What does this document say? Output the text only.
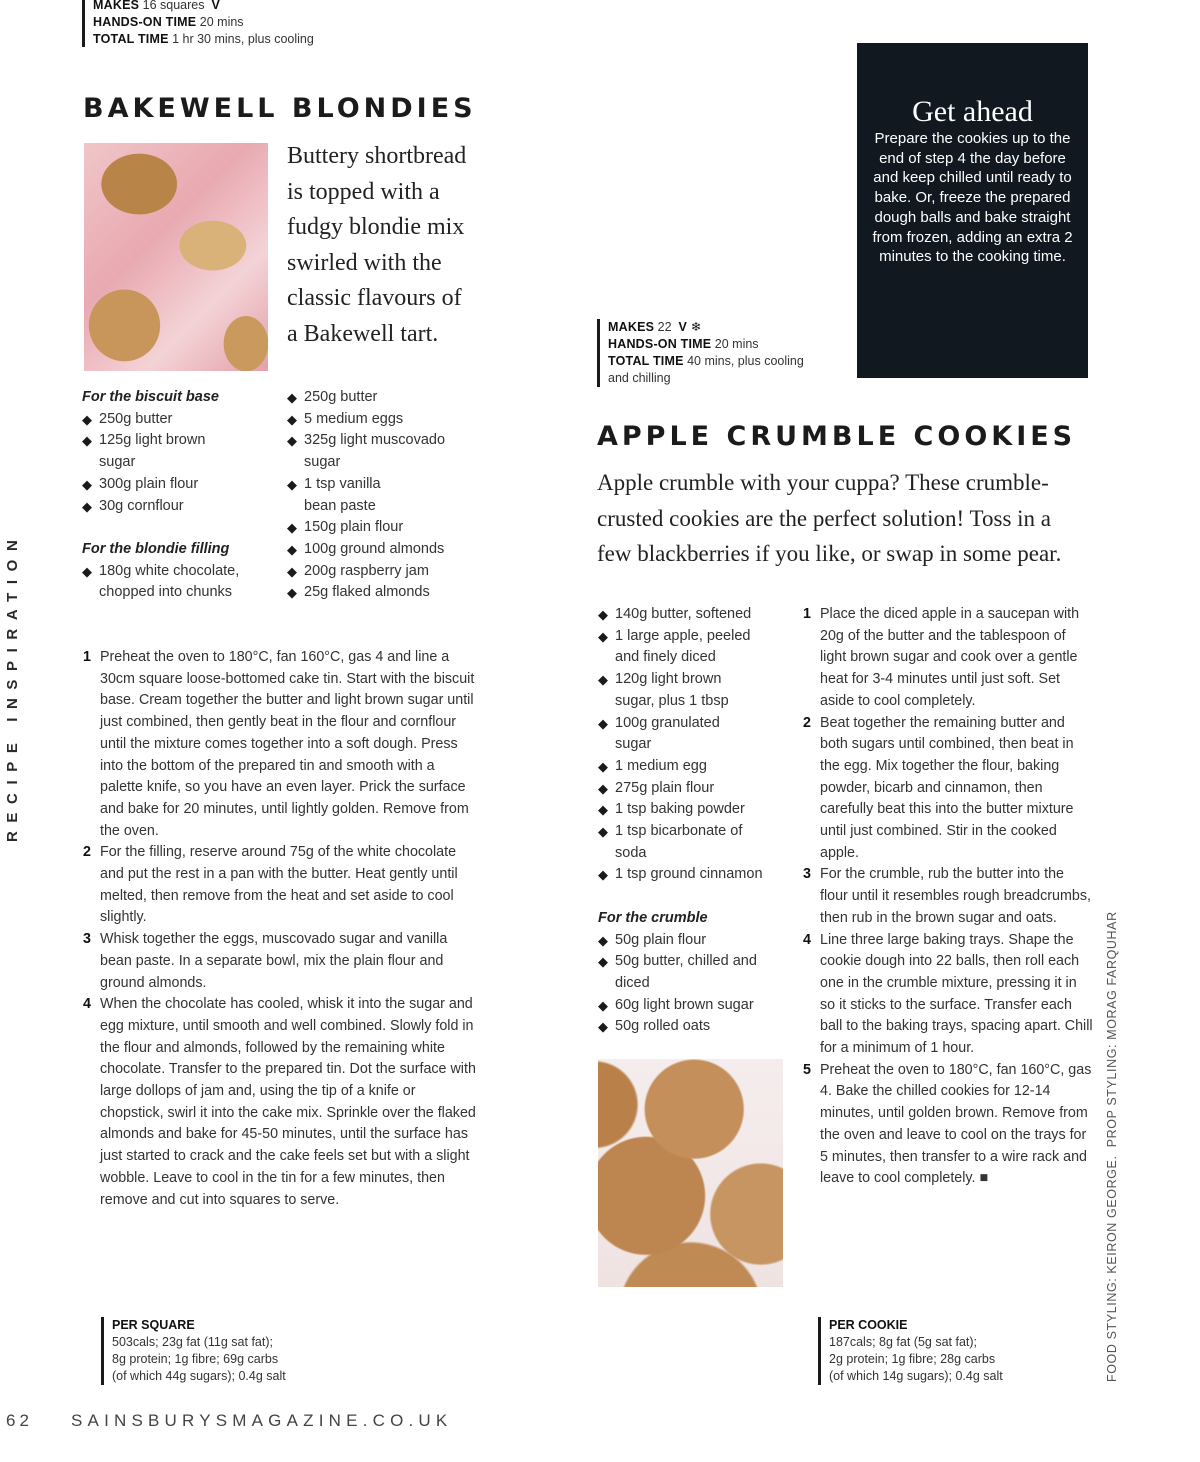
MAKES 16 squares V
HANDS-ON TIME 20 mins
TOTAL TIME 1 hr 30 mins, plus cooling
BAKEWELL BLONDIES
Buttery shortbread
is topped with a
fudgy blondie mix
swirled with the
classic flavours of
a Bakewell tart.
For the biscuit base
◆ 250g butter
◆ 125g light brown sugar
◆ 300g plain flour
◆ 30g cornflour
For the blondie filling
◆ 180g white chocolate, chopped into chunks
◆ 250g butter
◆ 5 medium eggs
◆ 325g light muscovado sugar
◆ 1 tsp vanilla bean paste
◆ 150g plain flour
◆ 100g ground almonds
◆ 200g raspberry jam
◆ 25g flaked almonds
1 Preheat the oven to 180°C, fan 160°C, gas 4 and line a 30cm square loose-bottomed cake tin. Start with the biscuit base. Cream together the butter and light brown sugar until just combined, then gently beat in the flour and cornflour until the mixture comes together into a soft dough. Press into the bottom of the prepared tin and smooth with a palette knife, so you have an even layer. Prick the surface and bake for 20 minutes, until lightly golden. Remove from the oven.
2 For the filling, reserve around 75g of the white chocolate and put the rest in a pan with the butter. Heat gently until melted, then remove from the heat and set aside to cool slightly.
3 Whisk together the eggs, muscovado sugar and vanilla bean paste. In a separate bowl, mix the plain flour and ground almonds.
4 When the chocolate has cooled, whisk it into the sugar and egg mixture, until smooth and well combined. Slowly fold in the flour and almonds, followed by the remaining white chocolate. Transfer to the prepared tin. Dot the surface with large dollops of jam and, using the tip of a knife or chopstick, swirl it into the cake mix. Sprinkle over the flaked almonds and bake for 45-50 minutes, until the surface has just started to crack and the cake feels set but with a slight wobble. Leave to cool in the tin for a few minutes, then remove and cut into squares to serve.
PER SQUARE
503cals; 23g fat (11g sat fat);
8g protein; 1g fibre; 69g carbs
(of which 44g sugars); 0.4g salt
Get ahead
Prepare the cookies up to the end of step 4 the day before and keep chilled until ready to bake. Or, freeze the prepared dough balls and bake straight from frozen, adding an extra 2 minutes to the cooking time.
MAKES 22 V ❄
HANDS-ON TIME 20 mins
TOTAL TIME 40 mins, plus cooling and chilling
APPLE CRUMBLE COOKIES
Apple crumble with your cuppa? These crumble-crusted cookies are the perfect solution! Toss in a few blackberries if you like, or swap in some pear.
◆ 140g butter, softened
◆ 1 large apple, peeled and finely diced
◆ 120g light brown sugar, plus 1 tbsp
◆ 100g granulated sugar
◆ 1 medium egg
◆ 275g plain flour
◆ 1 tsp baking powder
◆ 1 tsp bicarbonate of soda
◆ 1 tsp ground cinnamon
For the crumble
◆ 50g plain flour
◆ 50g butter, chilled and diced
◆ 60g light brown sugar
◆ 50g rolled oats
1 Place the diced apple in a saucepan with 20g of the butter and the tablespoon of light brown sugar and cook over a gentle heat for 3-4 minutes until just soft. Set aside to cool completely.
2 Beat together the remaining butter and both sugars until combined, then beat in the egg. Mix together the flour, baking powder, bicarb and cinnamon, then carefully beat this into the butter mixture until just combined. Stir in the cooked apple.
3 For the crumble, rub the butter into the flour until it resembles rough breadcrumbs, then rub in the brown sugar and oats.
4 Line three large baking trays. Shape the cookie dough into 22 balls, then roll each one in the crumble mixture, pressing it in so it sticks to the surface. Transfer each ball to the baking trays, spacing apart. Chill for a minimum of 1 hour.
5 Preheat the oven to 180°C, fan 160°C, gas 4. Bake the chilled cookies for 12-14 minutes, until golden brown. Remove from the oven and leave to cool on the trays for 5 minutes, then transfer to a wire rack and leave to cool completely. ■
PER COOKIE
187cals; 8g fat (5g sat fat);
2g protein; 1g fibre; 28g carbs
(of which 14g sugars); 0.4g salt
RECIPE INSPIRATION
FOOD STYLING: KEIRON GEORGE.  PROP STYLING: MORAG FARQUHAR
62 SAINSBURYSMAGAZINE.CO.UK
